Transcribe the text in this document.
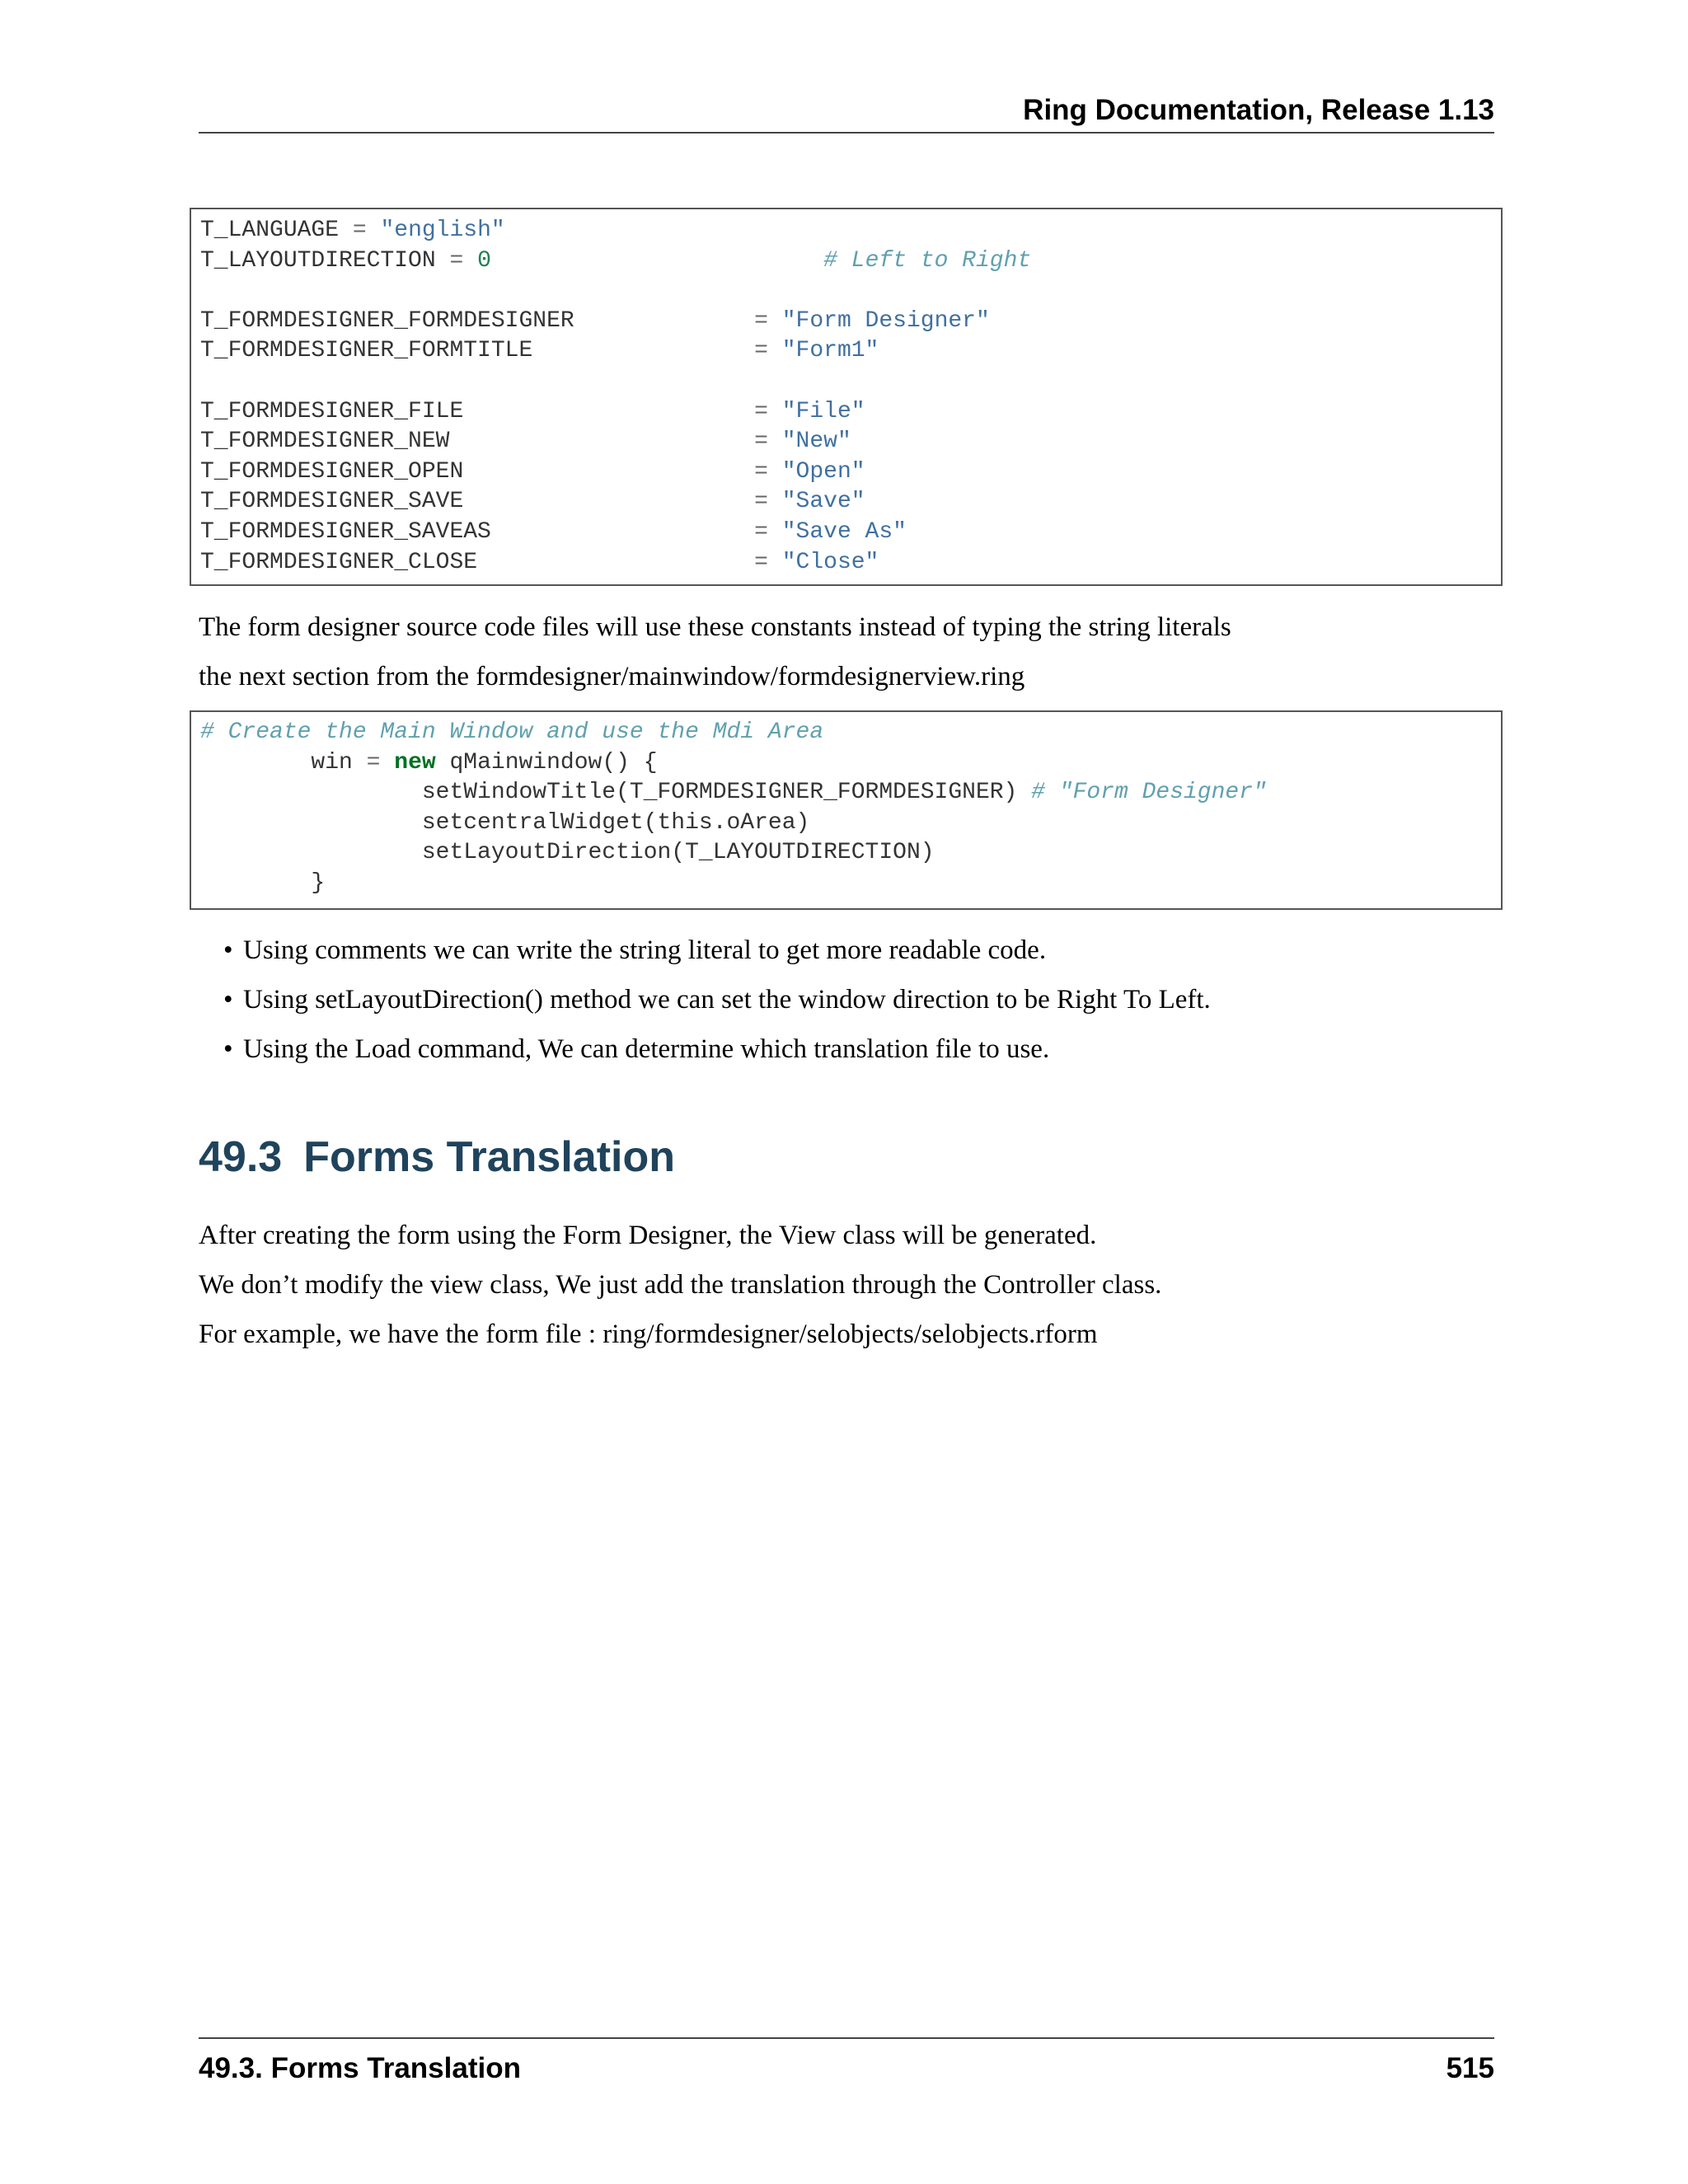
Ring Documentation, Release 1.13
T_LANGUAGE = "english"
T_LAYOUTDIRECTION = 0	# Left to Right
T_FORMDESIGNER_FORMDESIGNER             = "Form Designer"
T_FORMDESIGNER_FORMTITLE                = "Form1"
T_FORMDESIGNER_FILE                     = "File"
T_FORMDESIGNER_NEW                      = "New"
T_FORMDESIGNER_OPEN                     = "Open"
T_FORMDESIGNER_SAVE                     = "Save"
T_FORMDESIGNER_SAVEAS                   = "Save As"
T_FORMDESIGNER_CLOSE                    = "Close"
The form designer source code files will use these constants instead of typing the string literals
the next section from the formdesigner/mainwindow/formdesignerview.ring
# Create the Main Window and use the Mdi Area
win = new qMainwindow() {
setWindowTitle(T_FORMDESIGNER_FORMDESIGNER) # "Form Designer"
setcentralWidget(this.oArea)
setLayoutDirection(T_LAYOUTDIRECTION)
}
• Using comments we can write the string literal to get more readable code.
• Using setLayoutDirection() method we can set the window direction to be Right To Left.
• Using the Load command, We can determine which translation file to use.
49.3 Forms Translation
After creating the form using the Form Designer, the View class will be generated.
We don’t modify the view class, We just add the translation through the Controller class.
For example, we have the form file : ring/formdesigner/selobjects/selobjects.rform
49.3. Forms Translation	515
